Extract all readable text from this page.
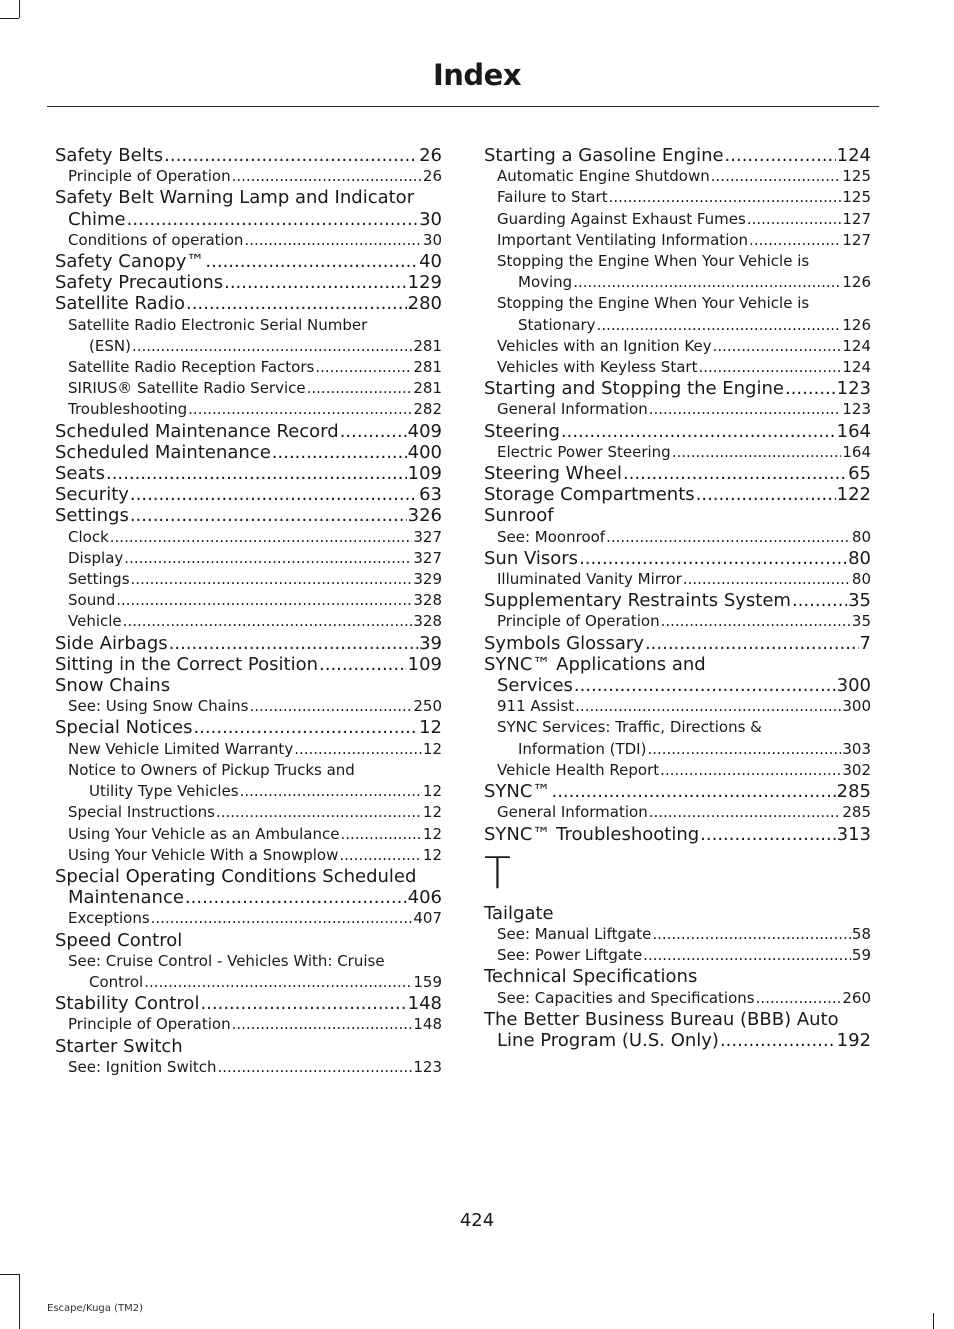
Index
Safety Belts .....	26
Principle of Operation .....	26
Safety Belt Warning Lamp and Indicator
Chime .....	30
Conditions of operation .....	30
Safety Canopy™ .....	40
Safety Precautions .....	129
Satellite Radio .....	280
Satellite Radio Electronic Serial Number
(ESN) .....	281
Satellite Radio Reception Factors .....	281
SIRIUS® Satellite Radio Service .....	281
Troubleshooting .....	282
Scheduled Maintenance Record .....	409
Scheduled Maintenance .....	400
Seats .....	109
Security .....	63
Settings .....	326
Clock .....	327
Display .....	327
Settings .....	329
Sound .....	328
Vehicle .....	328
Side Airbags .....	39
Sitting in the Correct Position .....	109
Snow Chains
See: Using Snow Chains .....	250
Special Notices .....	12
New Vehicle Limited Warranty .....	12
Notice to Owners of Pickup Trucks and
Utility Type Vehicles .....	12
Special Instructions .....	12
Using Your Vehicle as an Ambulance .....	12
Using Your Vehicle With a Snowplow .....	12
Special Operating Conditions Scheduled
Maintenance .....	406
Exceptions .....	407
Speed Control
See: Cruise Control - Vehicles With: Cruise
Control .....	159
Stability Control .....	148
Principle of Operation .....	148
Starter Switch
See: Ignition Switch .....	123
Starting a Gasoline Engine .....	124
Automatic Engine Shutdown .....	125
Failure to Start .....	125
Guarding Against Exhaust Fumes .....	127
Important Ventilating Information .....	127
Stopping the Engine When Your Vehicle is
Moving .....	126
Stopping the Engine When Your Vehicle is
Stationary .....	126
Vehicles with an Ignition Key .....	124
Vehicles with Keyless Start .....	124
Starting and Stopping the Engine .....	123
General Information .....	123
Steering .....	164
Electric Power Steering .....	164
Steering Wheel .....	65
Storage Compartments .....	122
Sunroof
See: Moonroof .....	80
Sun Visors .....	80
Illuminated Vanity Mirror .....	80
Supplementary Restraints System .....	35
Principle of Operation .....	35
Symbols Glossary .....	7
SYNC™ Applications and
Services .....	300
911 Assist .....	300
SYNC Services: Traffic, Directions &
Information (TDI) .....	303
Vehicle Health Report .....	302
SYNC™ .....	285
General Information .....	285
SYNC™ Troubleshooting .....	313
T
Tailgate
See: Manual Liftgate .....	58
See: Power Liftgate .....	59
Technical Specifications
See: Capacities and Specifications .....	260
The Better Business Bureau (BBB) Auto
Line Program (U.S. Only) .....	192
424
Escape/Kuga (TM2)
